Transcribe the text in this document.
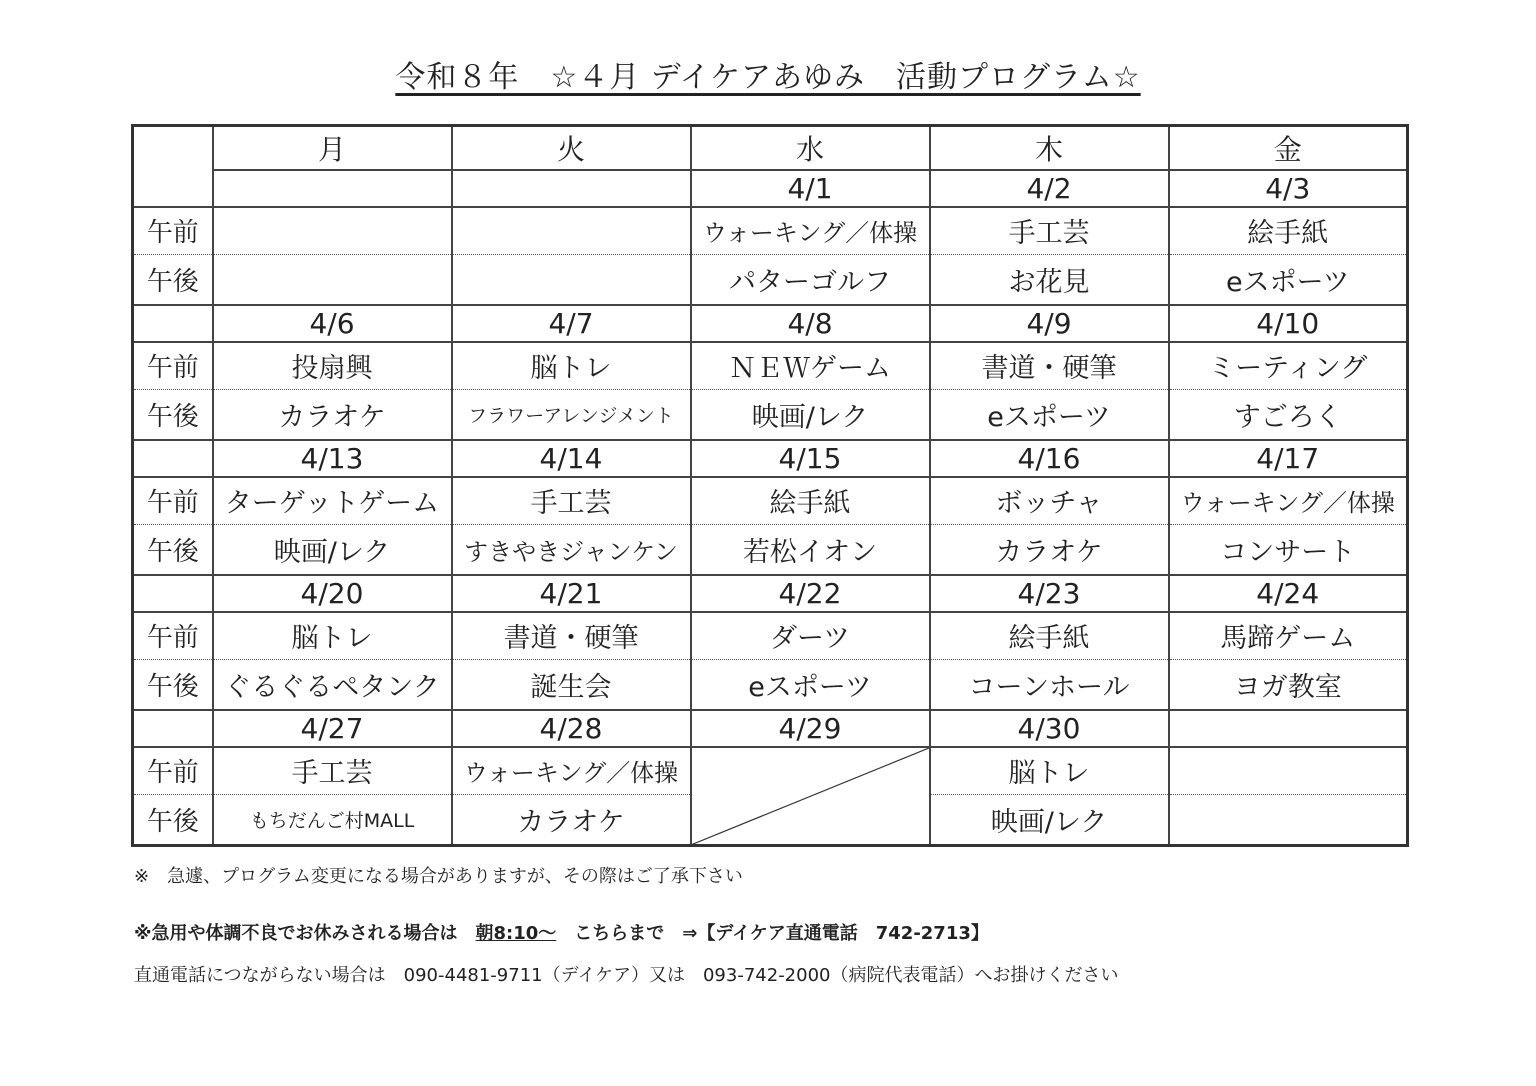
令和８年　☆４月 デイケアあゆみ　活動プログラム☆
	月	火	水	木	金
			4/1	4/2	4/3
午前			ウォーキング／体操	手工芸	絵手紙
午後			パターゴルフ	お花見	eスポーツ
	4/6	4/7	4/8	4/9	4/10
午前	投扇興	脳トレ	ＮＥＷゲーム	書道・硬筆	ミーティング
午後	カラオケ	フラワーアレンジメント	映画/レク	eスポーツ	すごろく
	4/13	4/14	4/15	4/16	4/17
午前	ターゲットゲーム	手工芸	絵手紙	ボッチャ	ウォーキング／体操
午後	映画/レク	すきやきジャンケン	若松イオン	カラオケ	コンサート
	4/20	4/21	4/22	4/23	4/24
午前	脳トレ	書道・硬筆	ダーツ	絵手紙	馬蹄ゲーム
午後	ぐるぐるペタンク	誕生会	eスポーツ	コーンホール	ヨガ教室
	4/27	4/28	4/29	4/30	
午前	手工芸	ウォーキング／体操		脳トレ	
午後	もちだんご村MALL	カラオケ		映画/レク	
※　急遽、プログラム変更になる場合がありますが、その際はご了承下さい
※急用や体調不良でお休みされる場合は 朝8:10～ こちらまで　⇒【デイケア直通電話　742-2713】
直通電話につながらない場合は　090-4481-9711（デイケア）又は　093-742-2000（病院代表電話）へお掛けください
